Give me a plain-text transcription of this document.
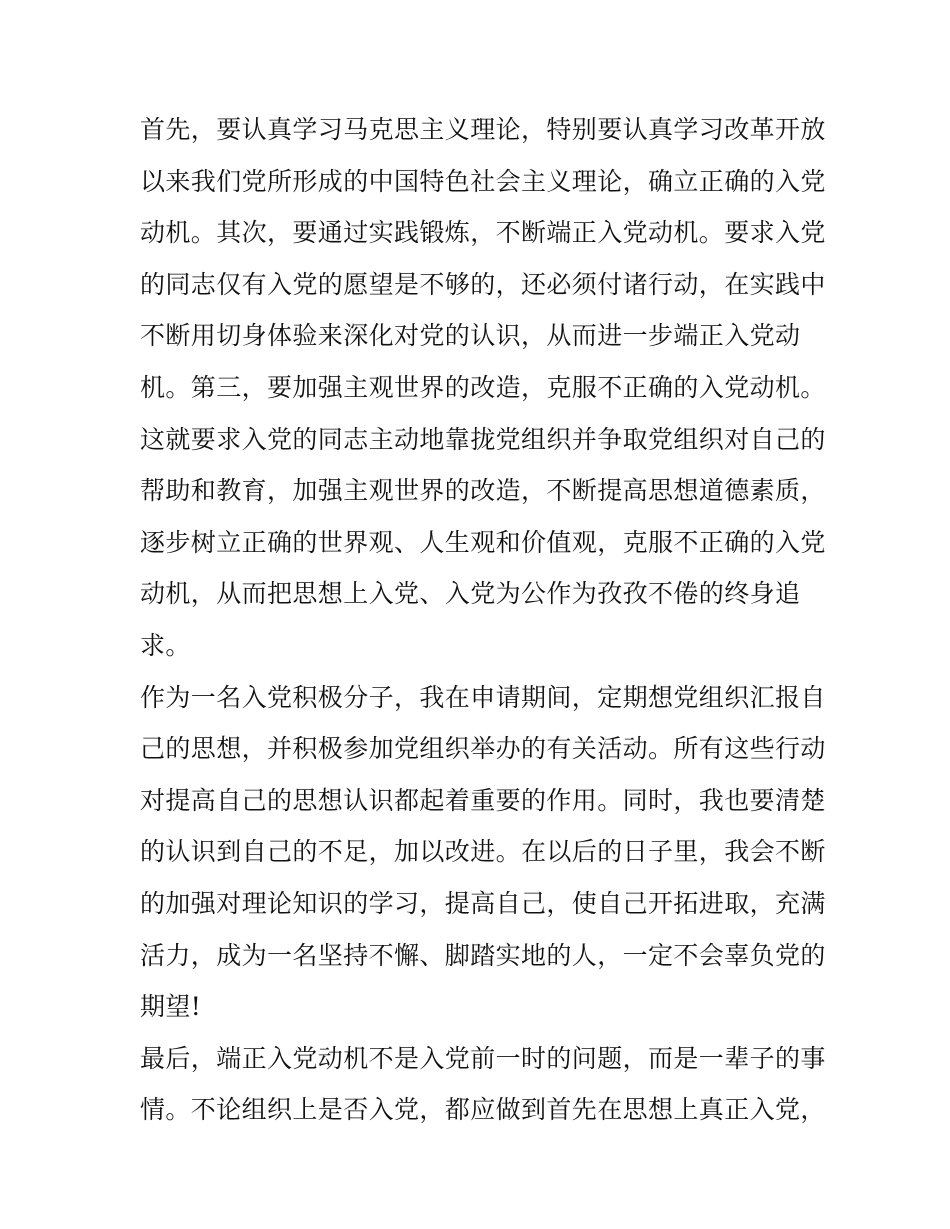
首先，要认真学习马克思主义理论，特别要认真学习改革开放
以来我们党所形成的中国特色社会主义理论，确立正确的入党
动机。其次，要通过实践锻炼，不断端正入党动机。要求入党
的同志仅有入党的愿望是不够的，还必须付诸行动，在实践中
不断用切身体验来深化对党的认识，从而进一步端正入党动
机。第三，要加强主观世界的改造，克服不正确的入党动机。
这就要求入党的同志主动地靠拢党组织并争取党组织对自己的
帮助和教育，加强主观世界的改造，不断提高思想道德素质，
逐步树立正确的世界观、人生观和价值观，克服不正确的入党
动机，从而把思想上入党、入党为公作为孜孜不倦的终身追
求。

作为一名入党积极分子，我在申请期间，定期想党组织汇报自
己的思想，并积极参加党组织举办的有关活动。所有这些行动
对提高自己的思想认识都起着重要的作用。同时，我也要清楚
的认识到自己的不足，加以改进。在以后的日子里，我会不断
的加强对理论知识的学习，提高自己，使自己开拓进取，充满
活力，成为一名坚持不懈、脚踏实地的人，一定不会辜负党的
期望!

最后，端正入党动机不是入党前一时的问题，而是一辈子的事
情。不论组织上是否入党，都应做到首先在思想上真正入党，
